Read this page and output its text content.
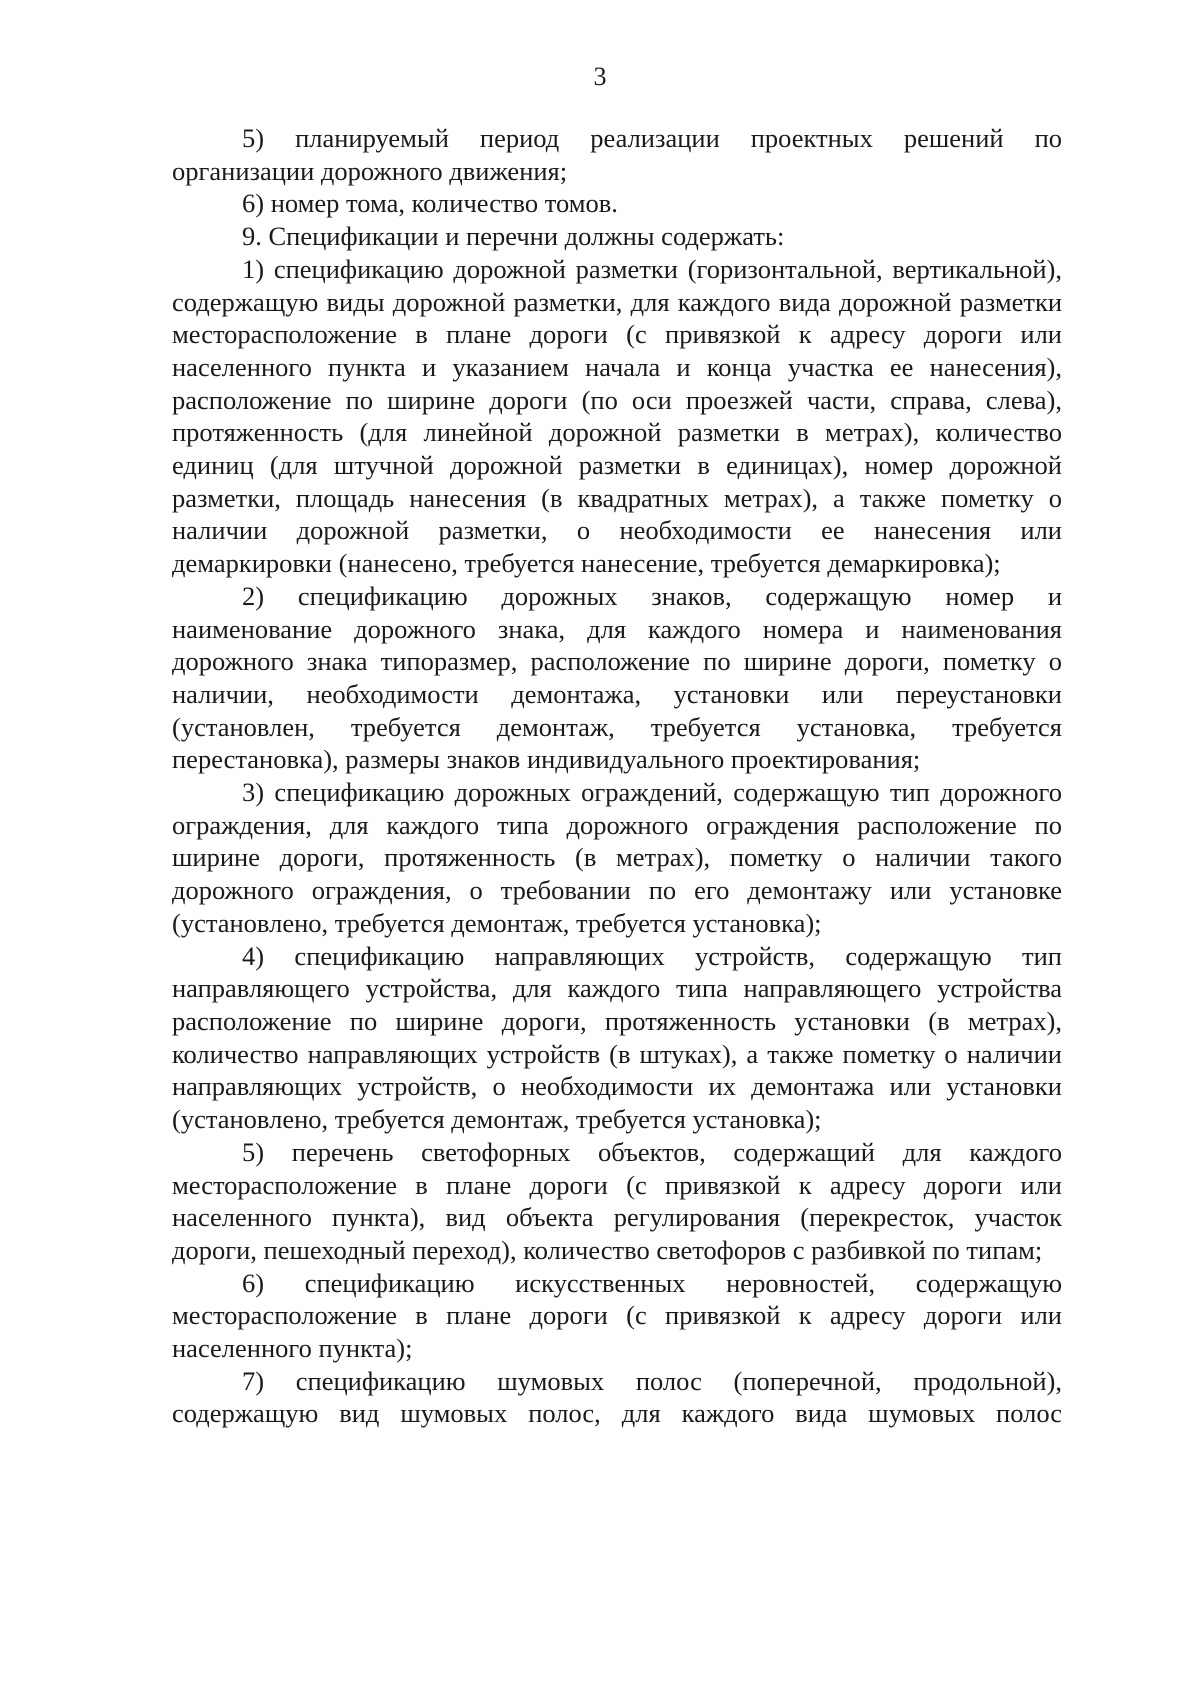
3

5) планируемый период реализации проектных решений по организации дорожного движения;

6) номер тома, количество томов.

9. Спецификации и перечни должны содержать:

1) спецификацию дорожной разметки (горизонтальной, вертикальной), содержащую виды дорожной разметки, для каждого вида дорожной разметки месторасположение в плане дороги (с привязкой к адресу дороги или населенного пункта и указанием начала и конца участка ее нанесения), расположение по ширине дороги (по оси проезжей части, справа, слева), протяженность (для линейной дорожной разметки в метрах), количество единиц (для штучной дорожной разметки в единицах), номер дорожной разметки, площадь нанесения (в квадратных метрах), а также пометку о наличии дорожной разметки, о необходимости ее нанесения или демаркировки (нанесено, требуется нанесение, требуется демаркировка);

2) спецификацию дорожных знаков, содержащую номер и наименование дорожного знака, для каждого номера и наименования дорожного знака типоразмер, расположение по ширине дороги, пометку о наличии, необходимости демонтажа, установки или переустановки (установлен, требуется демонтаж, требуется установка, требуется перестановка), размеры знаков индивидуального проектирования;

3) спецификацию дорожных ограждений, содержащую тип дорожного ограждения, для каждого типа дорожного ограждения расположение по ширине дороги, протяженность (в метрах), пометку о наличии такого дорожного ограждения, о требовании по его демонтажу или установке (установлено, требуется демонтаж, требуется установка);

4) спецификацию направляющих устройств, содержащую тип направляющего устройства, для каждого типа направляющего устройства расположение по ширине дороги, протяженность установки (в метрах), количество направляющих устройств (в штуках), а также пометку о наличии направляющих устройств, о необходимости их демонтажа или установки (установлено, требуется демонтаж, требуется установка);

5) перечень светофорных объектов, содержащий для каждого месторасположение в плане дороги (с привязкой к адресу дороги или населенного пункта), вид объекта регулирования (перекресток, участок дороги, пешеходный переход), количество светофоров с разбивкой по типам;

6) спецификацию искусственных неровностей, содержащую месторасположение в плане дороги (с привязкой к адресу дороги или населенного пункта);

7) спецификацию шумовых полос (поперечной, продольной), содержащую вид шумовых полос, для каждого вида шумовых полос
